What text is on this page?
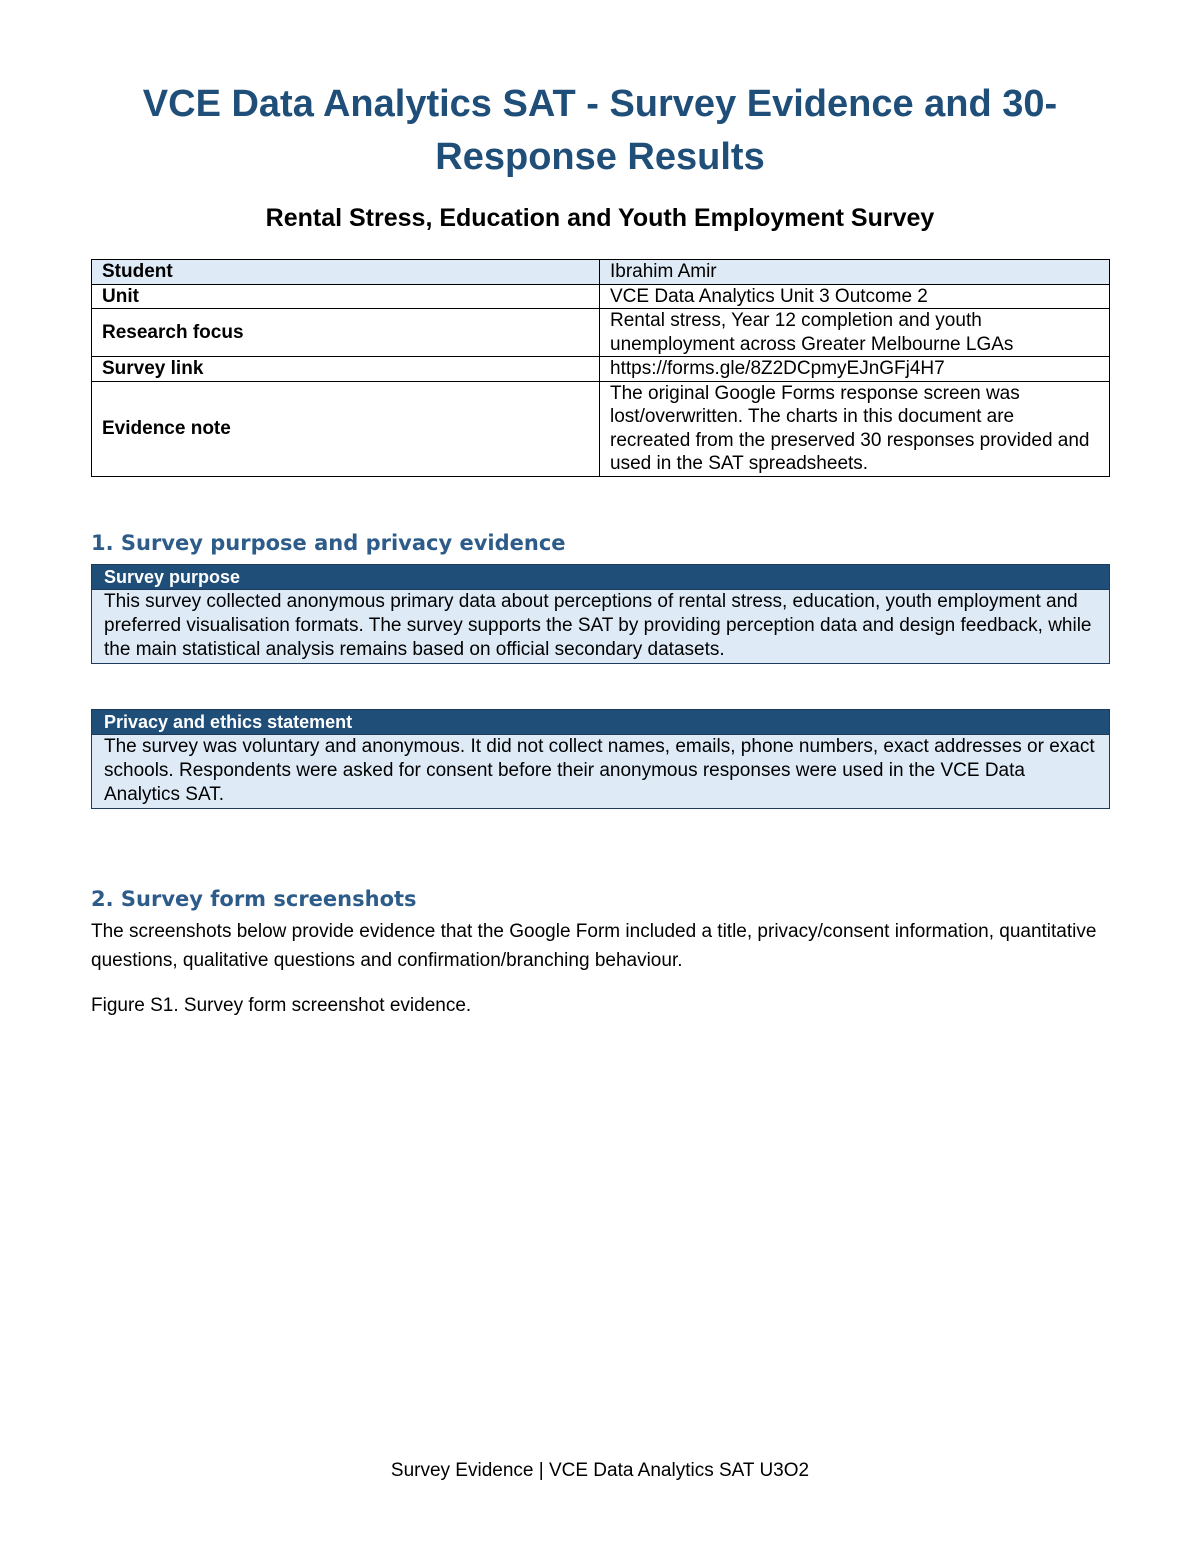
VCE Data Analytics SAT - Survey Evidence and 30-Response Results
Rental Stress, Education and Youth Employment Survey
Student	Ibrahim Amir
Unit	VCE Data Analytics Unit 3 Outcome 2
Research focus	Rental stress, Year 12 completion and youth unemployment across Greater Melbourne LGAs
Survey link	https://forms.gle/8Z2DCpmyEJnGFj4H7
Evidence note	The original Google Forms response screen was lost/overwritten. The charts in this document are recreated from the preserved 30 responses provided and used in the SAT spreadsheets.
1. Survey purpose and privacy evidence
Survey purpose
This survey collected anonymous primary data about perceptions of rental stress, education, youth employment and preferred visualisation formats. The survey supports the SAT by providing perception data and design feedback, while the main statistical analysis remains based on official secondary datasets.
Privacy and ethics statement
The survey was voluntary and anonymous. It did not collect names, emails, phone numbers, exact addresses or exact schools. Respondents were asked for consent before their anonymous responses were used in the VCE Data Analytics SAT.
2. Survey form screenshots

The screenshots below provide evidence that the Google Form included a title, privacy/consent information, quantitative questions, qualitative questions and confirmation/branching behaviour.

Figure S1. Survey form screenshot evidence.

Survey Evidence | VCE Data Analytics SAT U3O2
